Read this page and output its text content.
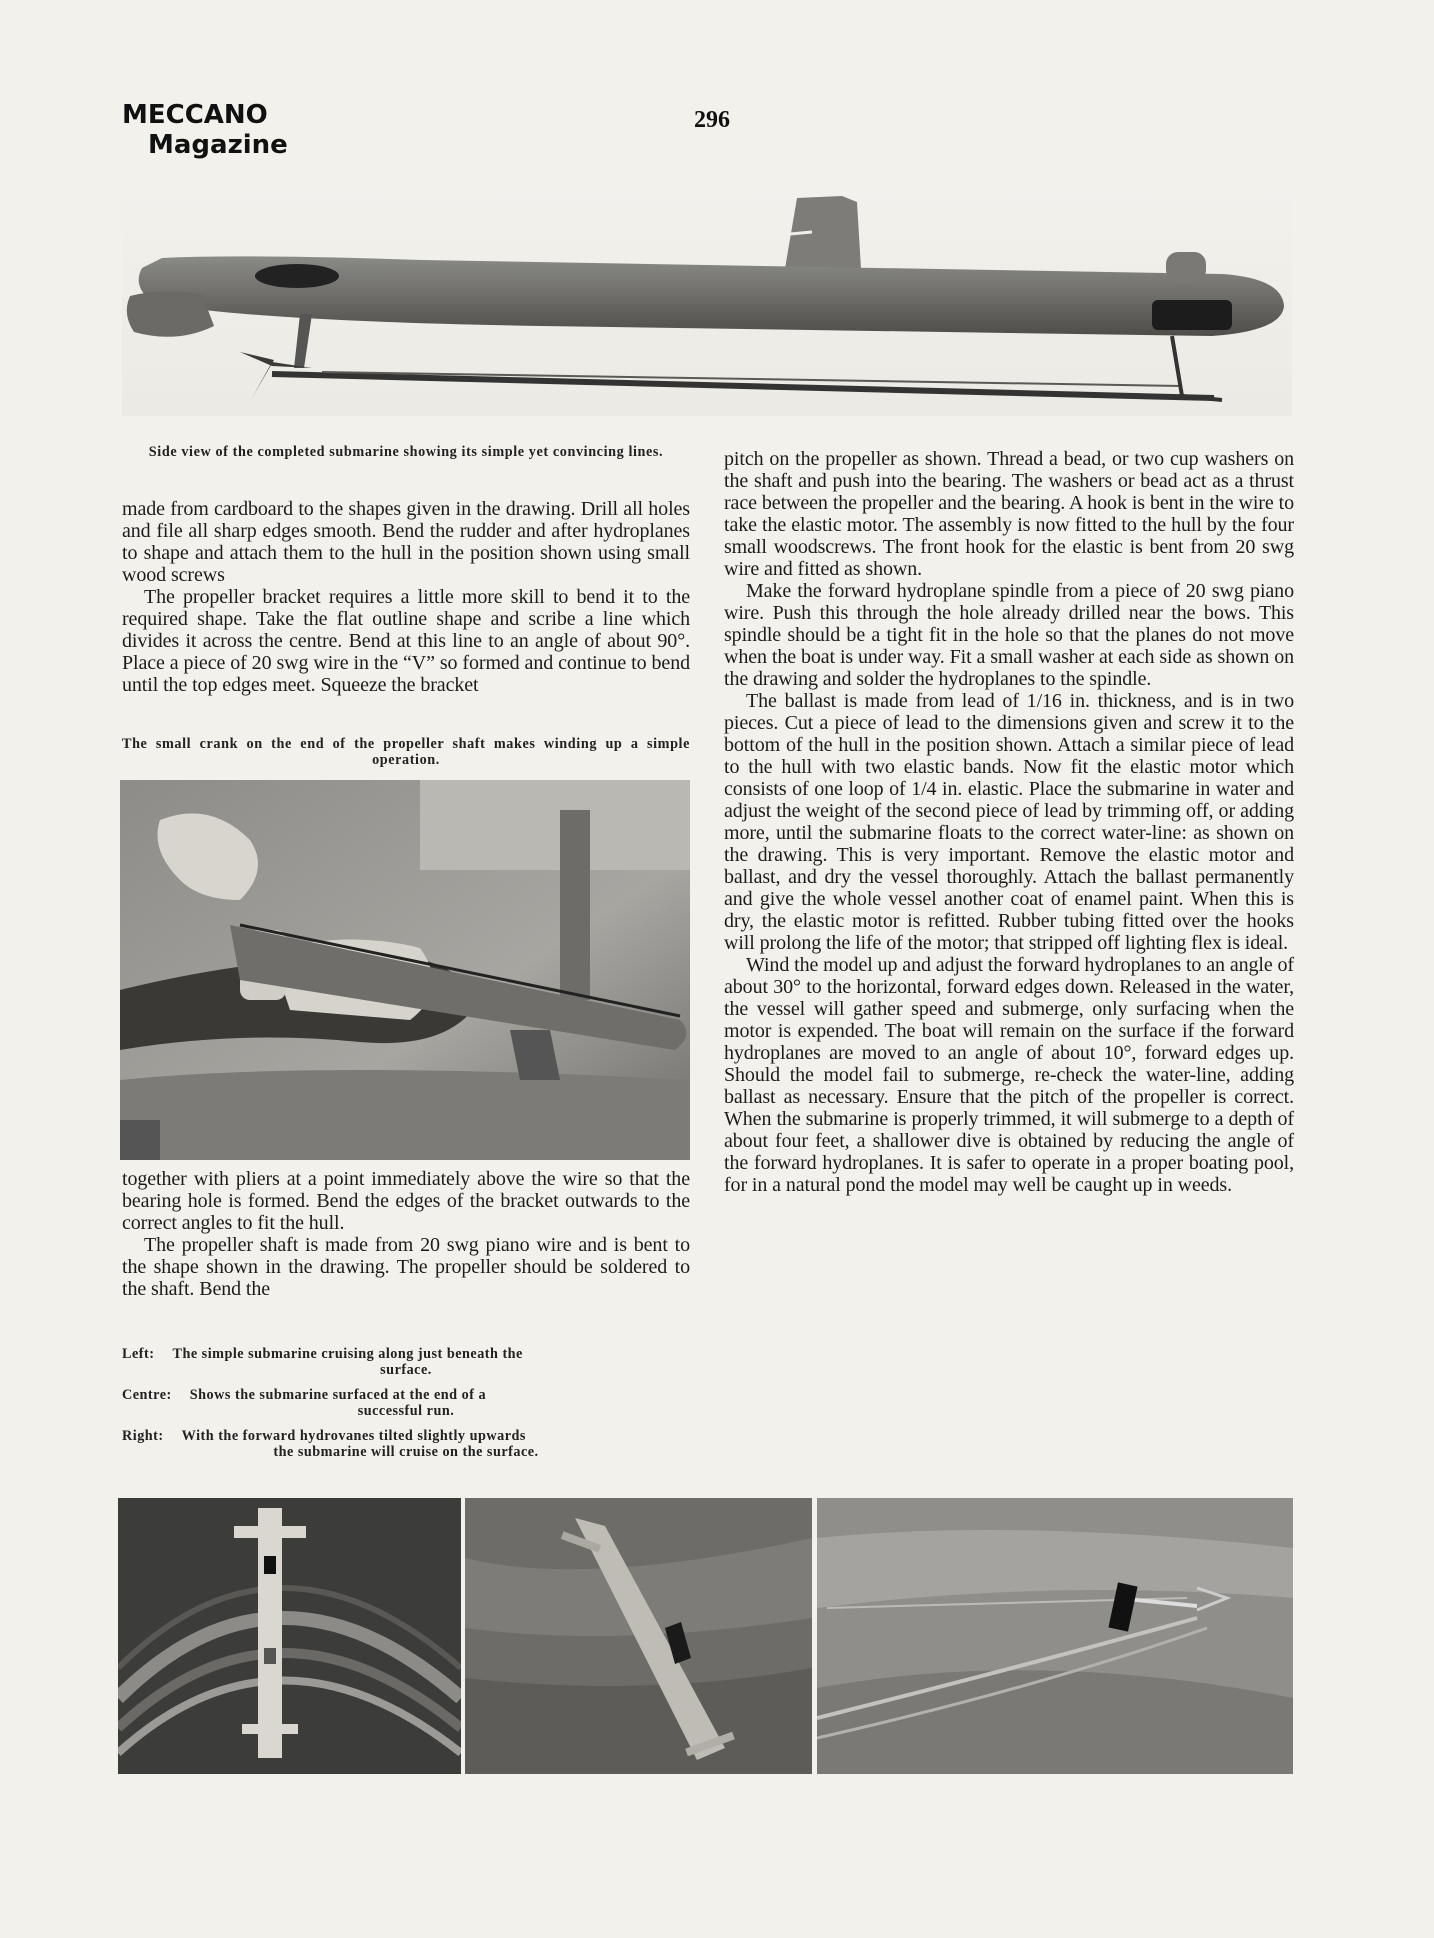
MECCANO
Magazine
296
Side view of the completed submarine showing its simple yet convincing lines.

made from cardboard to the shapes given in the drawing. Drill all holes and file all sharp edges smooth. Bend the rudder and after hydroplanes to shape and attach them to the hull in the position shown using small wood screws

The propeller bracket requires a little more skill to bend it to the required shape. Take the flat outline shape and scribe a line which divides it across the centre. Bend at this line to an angle of about 90°. Place a piece of 20 swg wire in the “V” so formed and continue to bend until the top edges meet. Squeeze the bracket

The small crank on the end of the propeller shaft makes winding up a simple operation.

together with pliers at a point immediately above the wire so that the bearing hole is formed. Bend the edges of the bracket outwards to the correct angles to fit the hull.

The propeller shaft is made from 20 swg piano wire and is bent to the shape shown in the drawing. The propeller should be soldered to the shaft. Bend the

Left: The simple submarine cruising along just beneath the
surface.
Centre: Shows the submarine surfaced at the end of a
successful run.
Right: With the forward hydrovanes tilted slightly upwards
the submarine will cruise on the surface.

pitch on the propeller as shown. Thread a bead, or two cup washers on the shaft and push into the bearing. The washers or bead act as a thrust race between the propeller and the bearing. A hook is bent in the wire to take the elastic motor. The assembly is now fitted to the hull by the four small woodscrews. The front hook for the elastic is bent from 20 swg wire and fitted as shown.

Make the forward hydroplane spindle from a piece of 20 swg piano wire. Push this through the hole already drilled near the bows. This spindle should be a tight fit in the hole so that the planes do not move when the boat is under way. Fit a small washer at each side as shown on the drawing and solder the hydroplanes to the spindle.

The ballast is made from lead of 1/16 in. thickness, and is in two pieces. Cut a piece of lead to the dimensions given and screw it to the bottom of the hull in the position shown. Attach a similar piece of lead to the hull with two elastic bands. Now fit the elastic motor which consists of one loop of 1/4 in. elastic. Place the submarine in water and adjust the weight of the second piece of lead by trimming off, or adding more, until the submarine floats to the correct water-line: as shown on the drawing. This is very important. Remove the elastic motor and ballast, and dry the vessel thoroughly. Attach the ballast permanently and give the whole vessel another coat of enamel paint. When this is dry, the elastic motor is refitted. Rubber tubing fitted over the hooks will prolong the life of the motor; that stripped off lighting flex is ideal.

Wind the model up and adjust the forward hydroplanes to an angle of about 30° to the horizontal, forward edges down. Released in the water, the vessel will gather speed and submerge, only surfacing when the motor is expended. The boat will remain on the surface if the forward hydroplanes are moved to an angle of about 10°, forward edges up. Should the model fail to submerge, re-check the water-line, adding ballast as necessary. Ensure that the pitch of the propeller is correct. When the submarine is properly trimmed, it will submerge to a depth of about four feet, a shallower dive is obtained by reducing the angle of the forward hydroplanes. It is safer to operate in a proper boating pool, for in a natural pond the model may well be caught up in weeds.
